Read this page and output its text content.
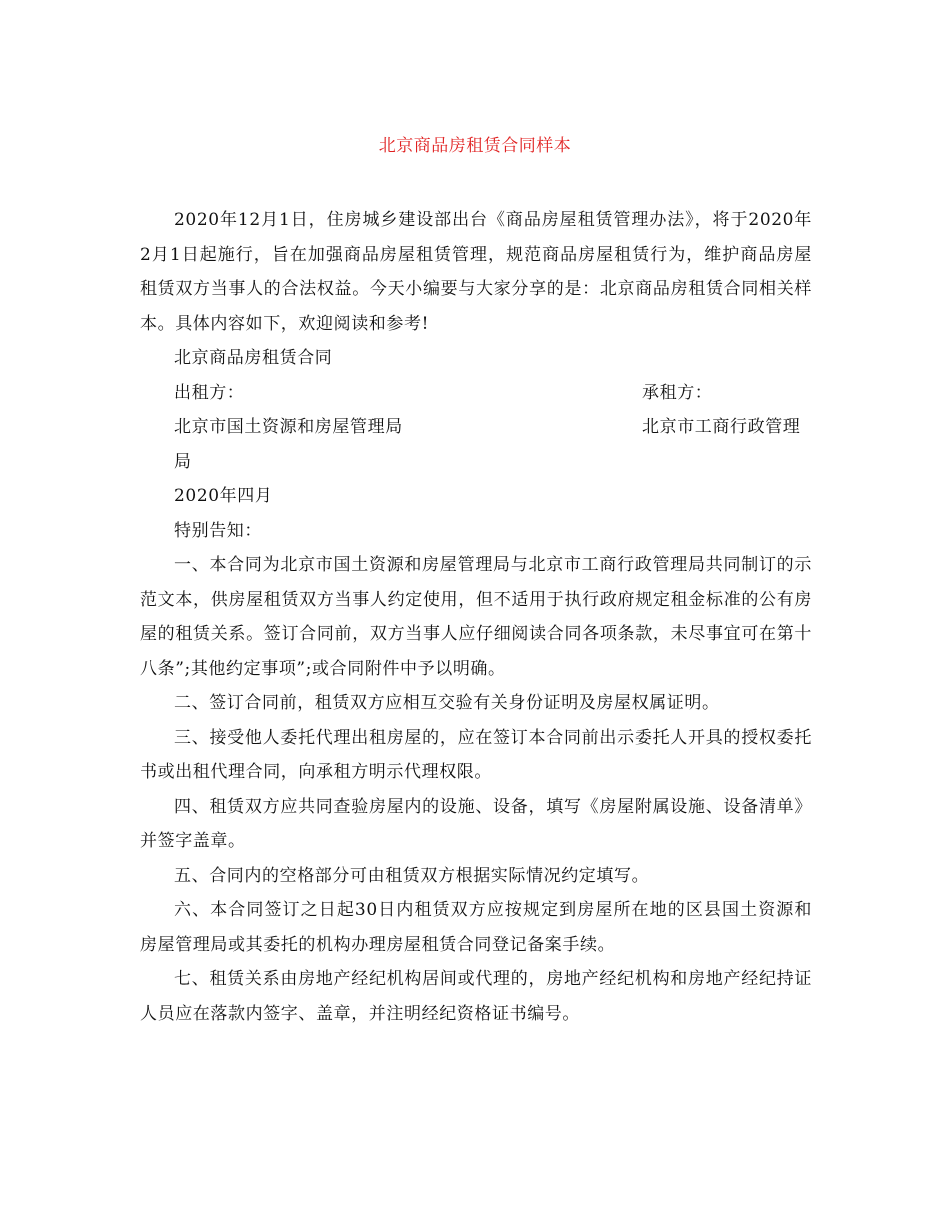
北京商品房租赁合同样本

2020年12月1日，住房城乡建设部出台《商品房屋租赁管理办法》，将于2020年2月1日起施行，旨在加强商品房屋租赁管理，规范商品房屋租赁行为，维护商品房屋租赁双方当事人的合法权益。今天小编要与大家分享的是：北京商品房租赁合同相关样本。具体内容如下，欢迎阅读和参考!

北京商品房租赁合同

出租方：	承租方：
北京市国土资源和房屋管理局	北京市工商行政管理

局

2020年四月

特别告知：

一、本合同为北京市国土资源和房屋管理局与北京市工商行政管理局共同制订的示范文本，供房屋租赁双方当事人约定使用，但不适用于执行政府规定租金标准的公有房屋的租赁关系。签订合同前，双方当事人应仔细阅读合同各项条款，未尽事宜可在第十八条”;其他约定事项”;或合同附件中予以明确。

二、签订合同前，租赁双方应相互交验有关身份证明及房屋权属证明。

三、接受他人委托代理出租房屋的，应在签订本合同前出示委托人开具的授权委托书或出租代理合同，向承租方明示代理权限。

四、租赁双方应共同查验房屋内的设施、设备，填写《房屋附属设施、设备清单》并签字盖章。

五、合同内的空格部分可由租赁双方根据实际情况约定填写。

六、本合同签订之日起30日内租赁双方应按规定到房屋所在地的区县国土资源和房屋管理局或其委托的机构办理房屋租赁合同登记备案手续。

七、租赁关系由房地产经纪机构居间或代理的，房地产经纪机构和房地产经纪持证人员应在落款内签字、盖章，并注明经纪资格证书编号。
